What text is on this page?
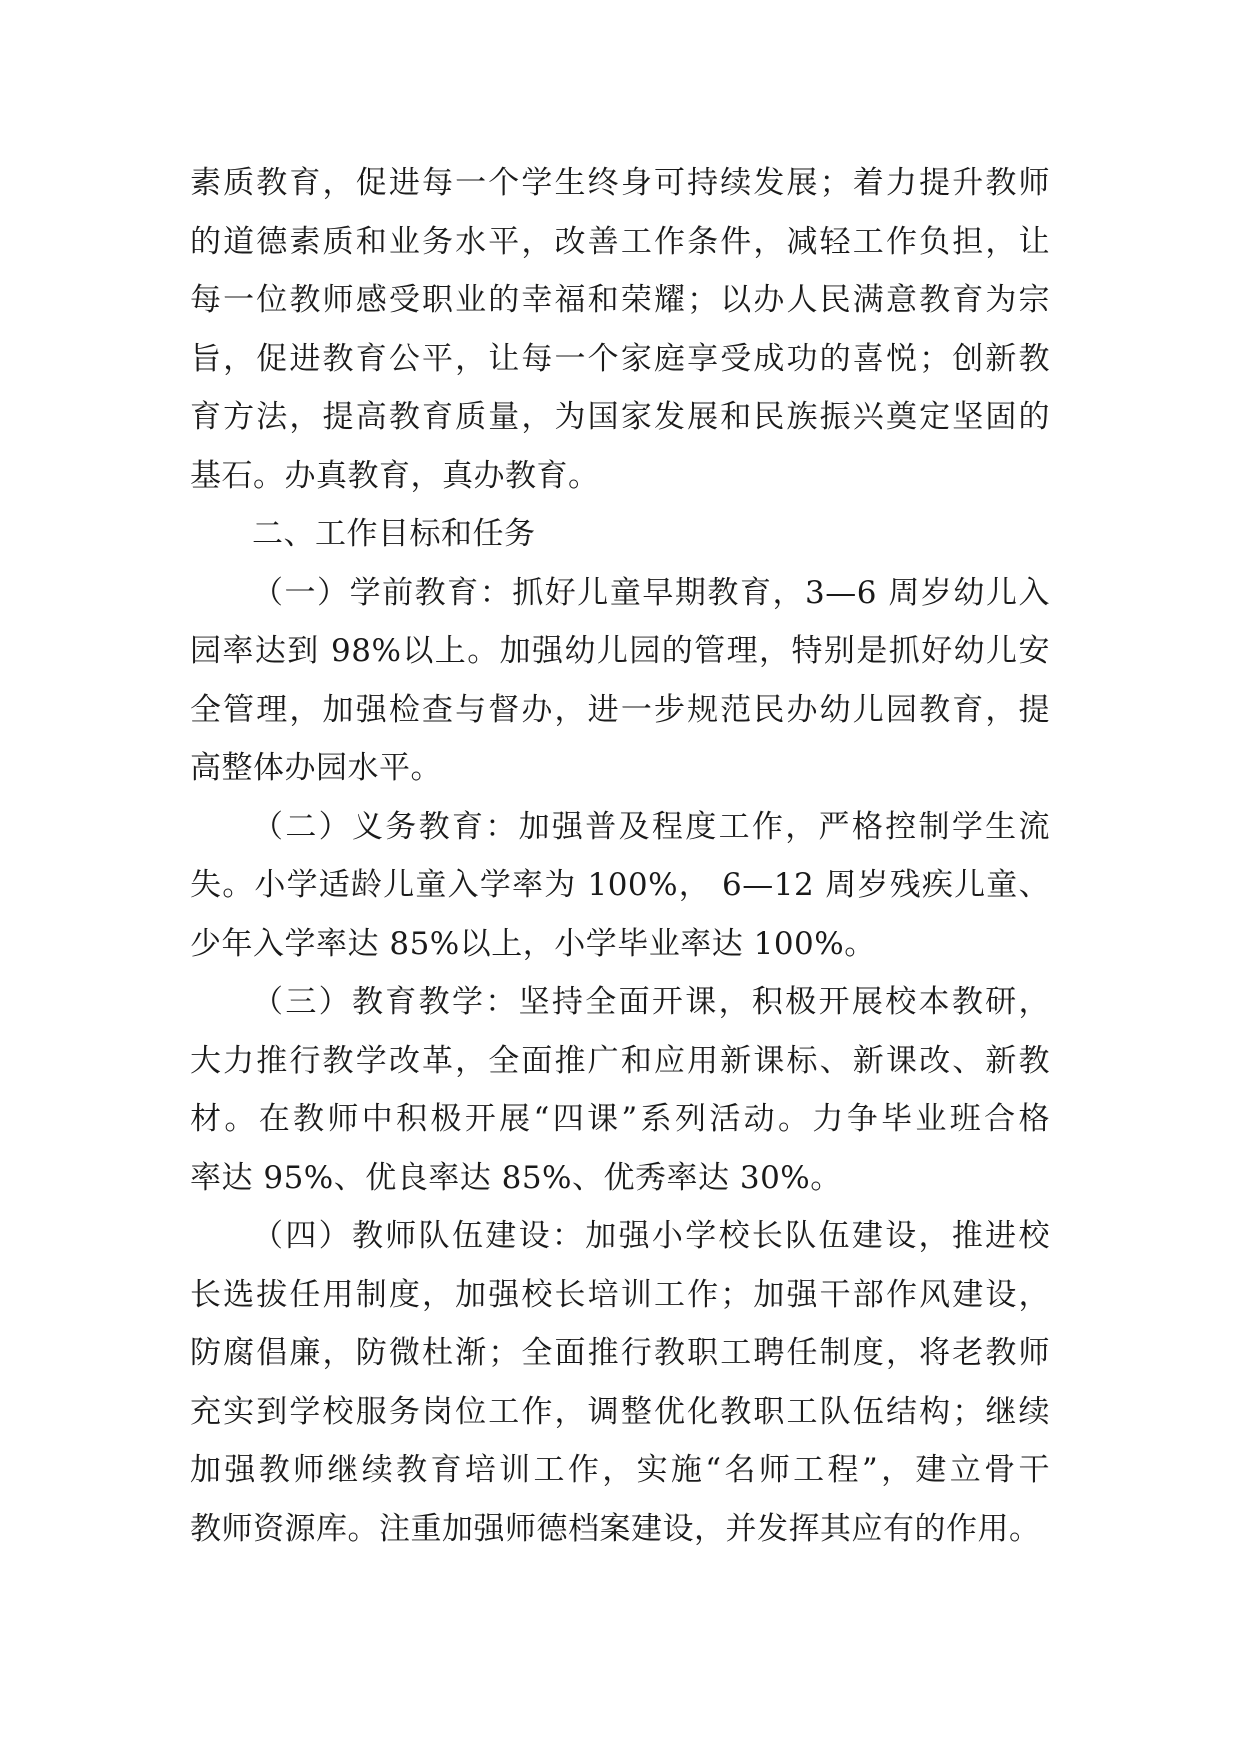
素质教育，促进每一个学生终身可持续发展；着力提升教师
的道德素质和业务水平，改善工作条件，减轻工作负担，让
每一位教师感受职业的幸福和荣耀；以办人民满意教育为宗
旨，促进教育公平，让每一个家庭享受成功的喜悦；创新教
育方法，提高教育质量，为国家发展和民族振兴奠定坚固的
基石。办真教育，真办教育。
二、工作目标和任务
（一）学前教育：抓好儿童早期教育，3—6 周岁幼儿入
园率达到 98%以上。加强幼儿园的管理，特别是抓好幼儿安
全管理，加强检查与督办，进一步规范民办幼儿园教育，提
高整体办园水平。
（二）义务教育：加强普及程度工作，严格控制学生流
失。小学适龄儿童入学率为 100%， 6—12 周岁残疾儿童、
少年入学率达 85%以上，小学毕业率达 100%。
（三）教育教学：坚持全面开课，积极开展校本教研，
大力推行教学改革，全面推广和应用新课标、新课改、新教
材。在教师中积极开展“四课”系列活动。力争毕业班合格
率达 95%、优良率达 85%、优秀率达 30%。
（四）教师队伍建设：加强小学校长队伍建设，推进校
长选拔任用制度，加强校长培训工作；加强干部作风建设，
防腐倡廉，防微杜渐；全面推行教职工聘任制度，将老教师
充实到学校服务岗位工作，调整优化教职工队伍结构；继续
加强教师继续教育培训工作，实施“名师工程”，建立骨干
教师资源库。注重加强师德档案建设，并发挥其应有的作用。
